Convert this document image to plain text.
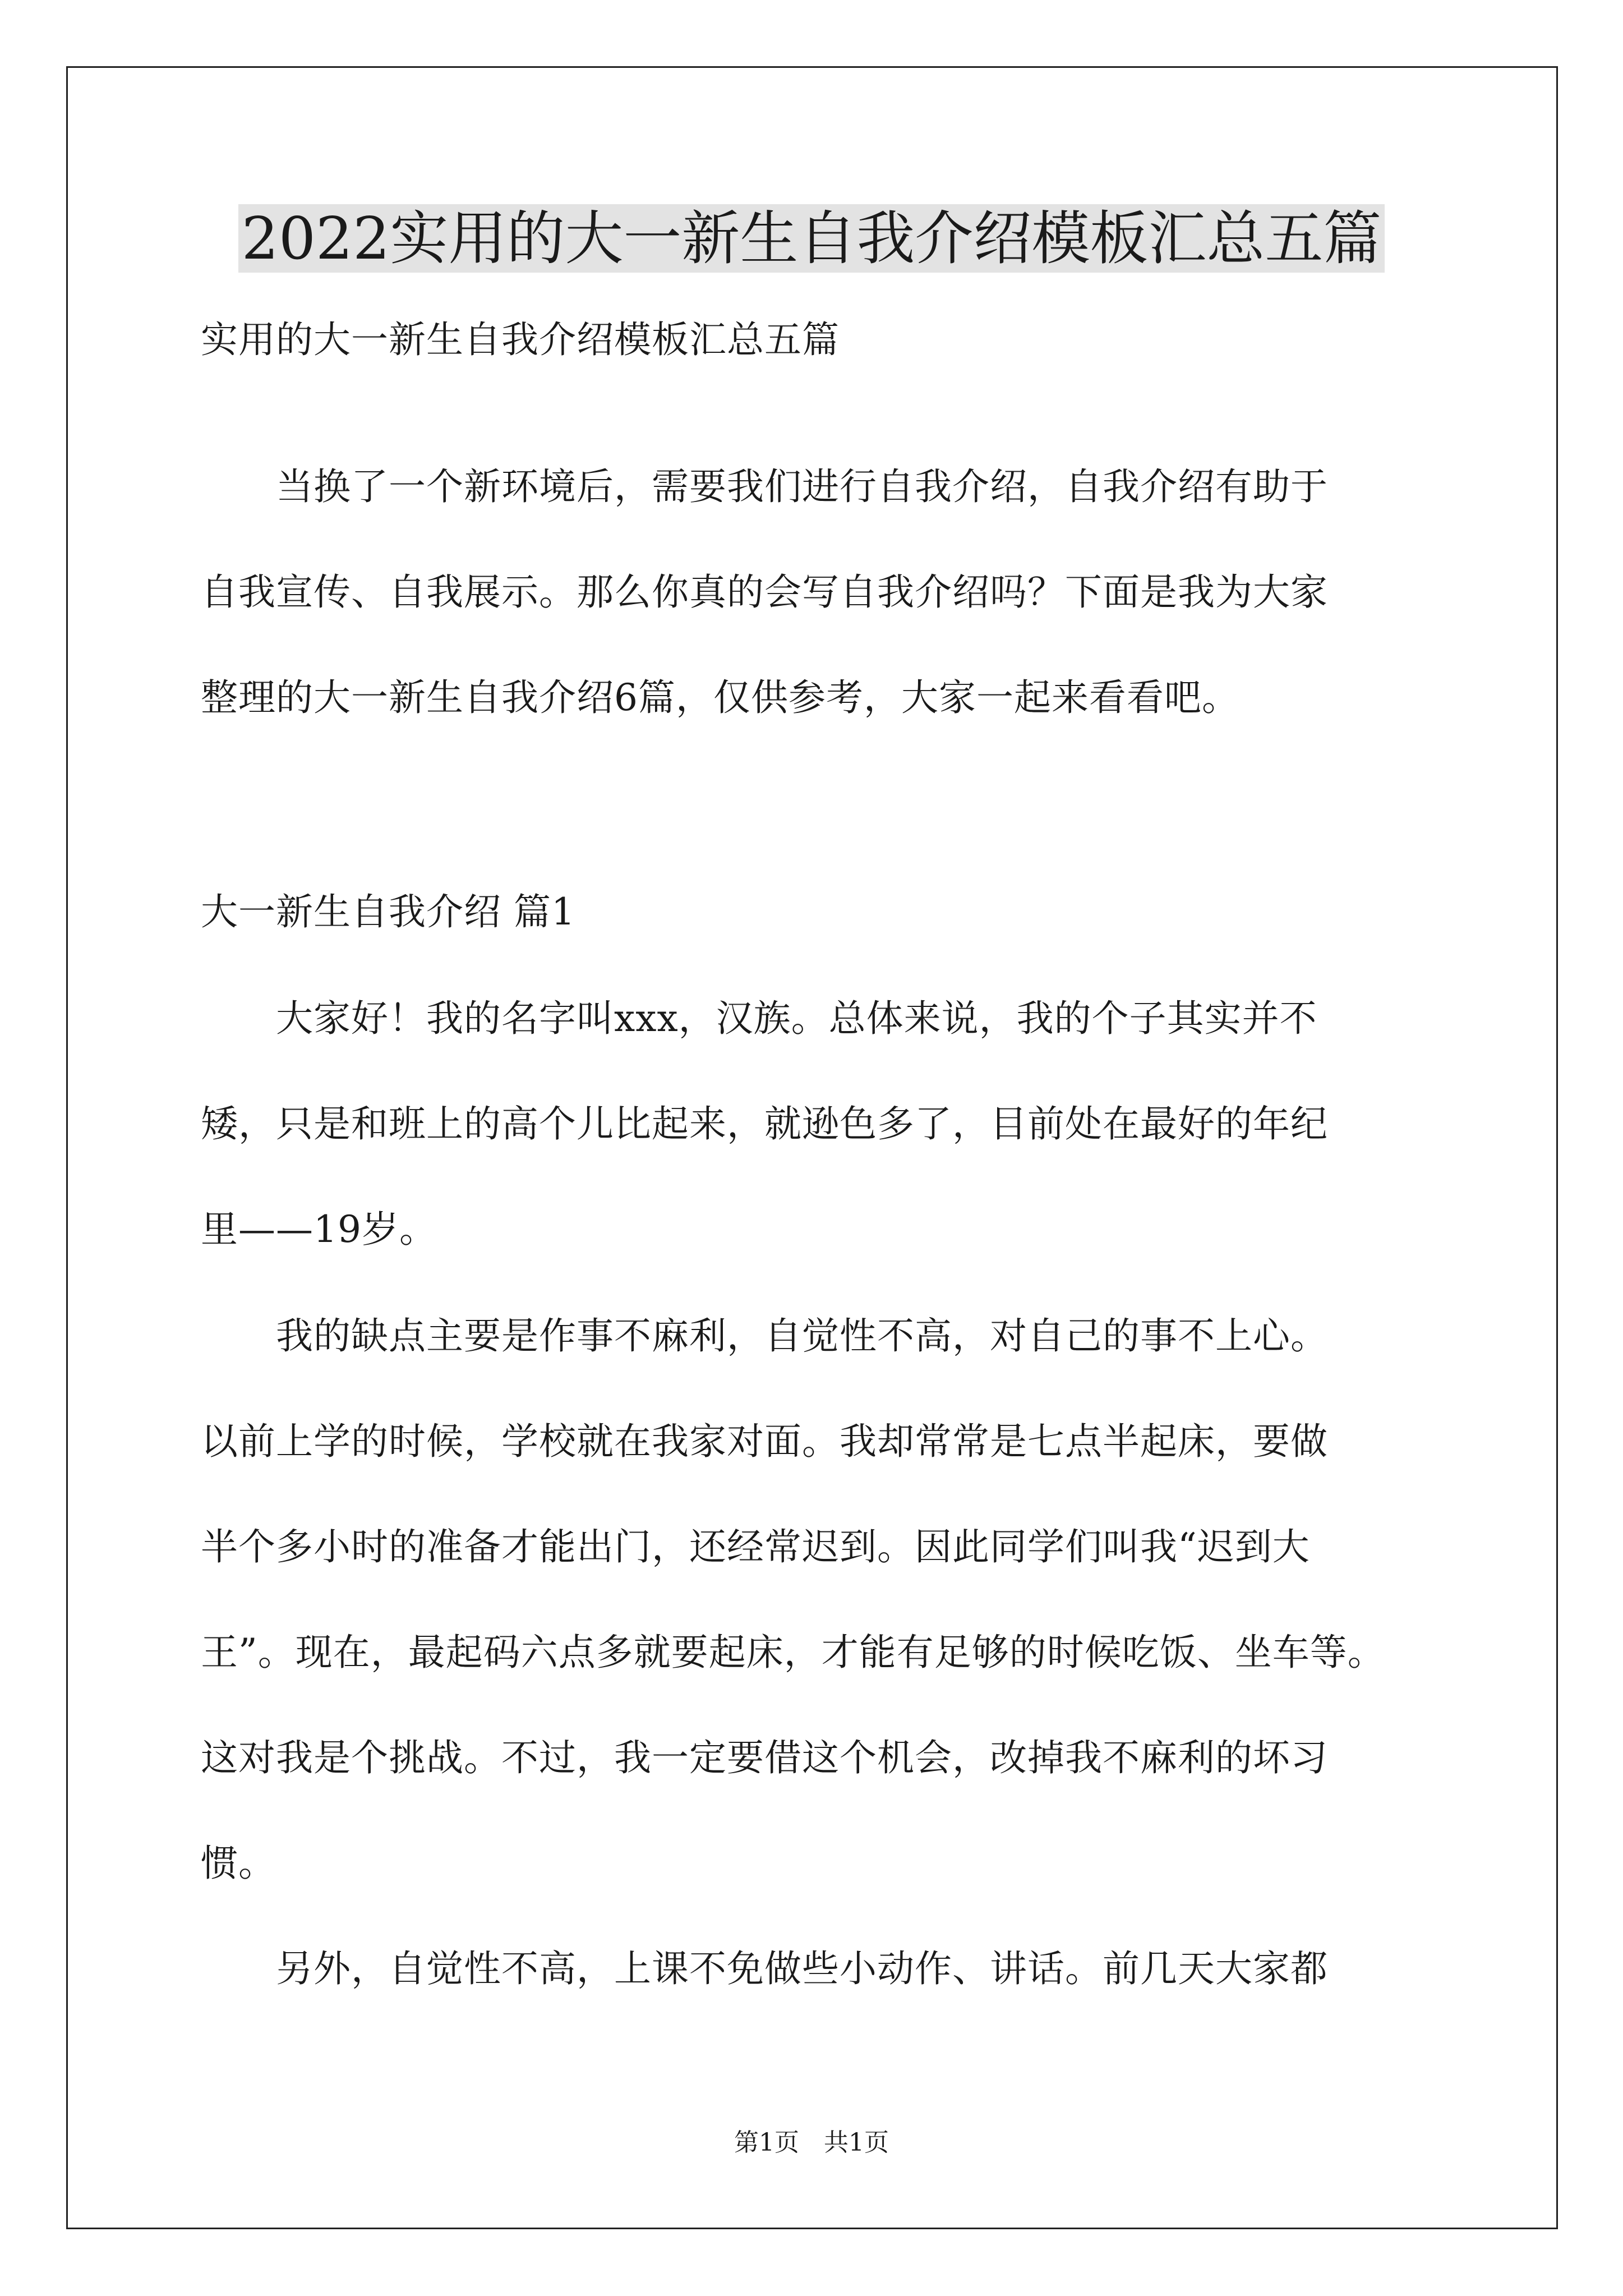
2022实用的大一新生自我介绍模板汇总五篇
实用的大一新生自我介绍模板汇总五篇
　　当换了一个新环境后，需要我们进行自我介绍，自我介绍有助于
自我宣传、自我展示。那么你真的会写自我介绍吗？下面是我为大家
整理的大一新生自我介绍6篇，仅供参考，大家一起来看看吧。
大一新生自我介绍 篇1
　　大家好！我的名字叫xxx，汉族。总体来说，我的个子其实并不
矮，只是和班上的高个儿比起来，就逊色多了，目前处在最好的年纪
里——19岁。
　　我的缺点主要是作事不麻利，自觉性不高，对自己的事不上心。
以前上学的时候，学校就在我家对面。我却常常是七点半起床，要做
半个多小时的准备才能出门，还经常迟到。因此同学们叫我“迟到大
王”。现在，最起码六点多就要起床，才能有足够的时候吃饭、坐车等。
这对我是个挑战。不过，我一定要借这个机会，改掉我不麻利的坏习
惯。
　　另外，自觉性不高，上课不免做些小动作、讲话。前几天大家都
第1页　共1页
